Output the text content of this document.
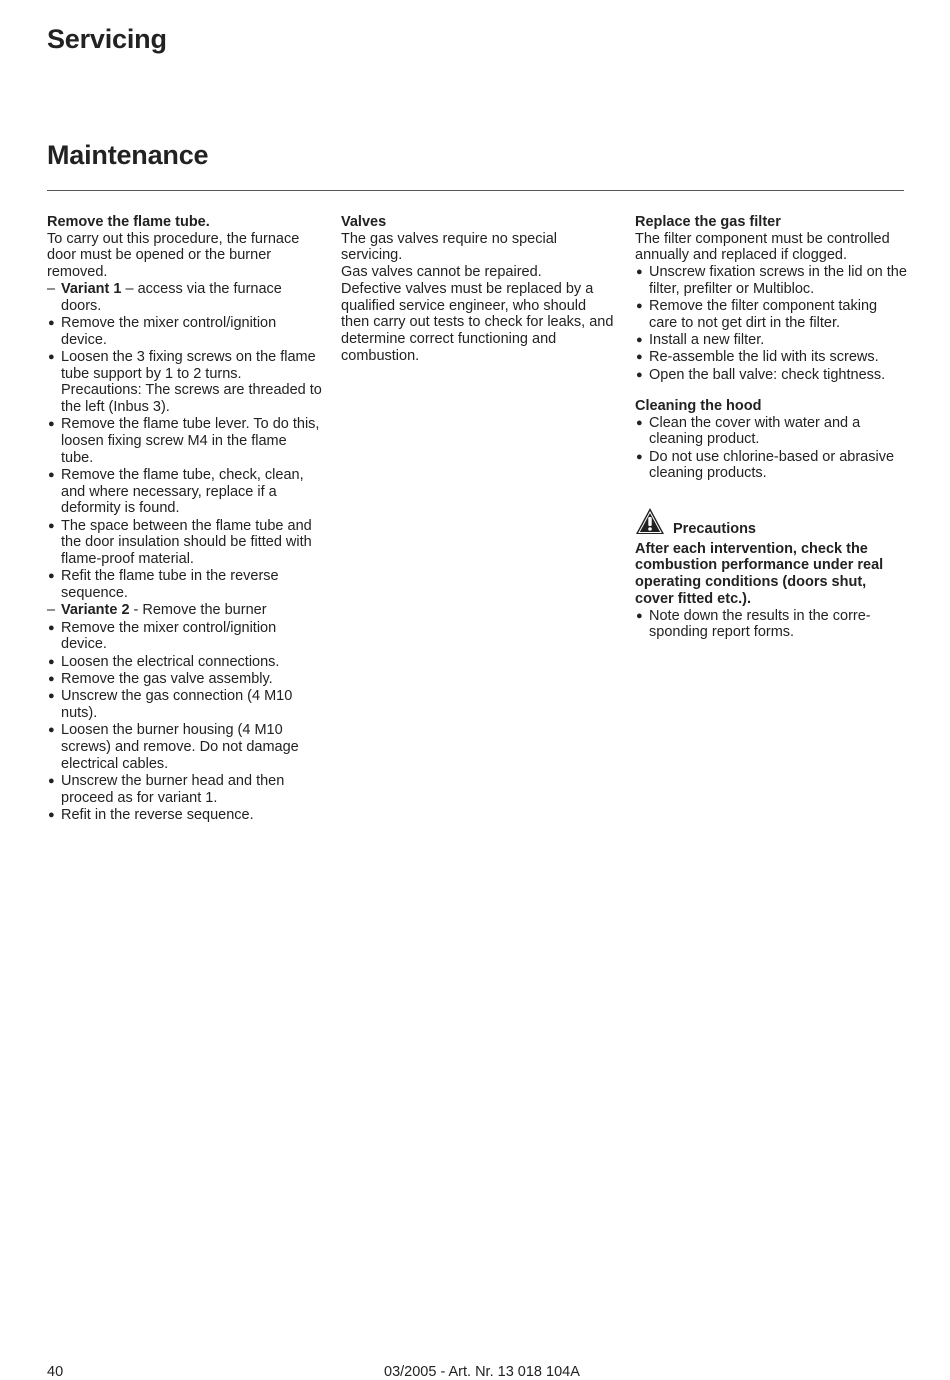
Servicing
Maintenance
Remove the flame tube.

To carry out this procedure, the furnace door must be opened or the burner removed.

– Variant 1 – access via the furnace doors.
● Remove the mixer control/ignition device.
● Loosen the 3 fixing screws on the flame tube support by 1 to 2 turns. Precautions: The screws are threaded to the left (Inbus 3).
● Remove the flame tube lever. To do this, loosen fixing screw M4 in the flame tube.
● Remove the flame tube, check, clean, and where necessary, replace if a deformity is found.
● The space between the flame tube and the door insulation should be fitted with flame-proof material.
● Refit the flame tube in the reverse sequence.
– Variante 2 - Remove the burner
● Remove the mixer control/ignition device.
● Loosen the electrical connections.
● Remove the gas valve assembly.
● Unscrew the gas connection (4 M10 nuts).
● Loosen the burner housing (4 M10 screws) and remove. Do not damage electrical cables.
● Unscrew the burner head and then proceed as for variant 1.
● Refit in the reverse sequence.
Valves

The gas valves require no special servicing.

Gas valves cannot be repaired.

Defective valves must be replaced by a qualified service engineer, who should then carry out tests to check for leaks, and determine correct functioning and combustion.

Replace the gas filter

The filter component must be controlled annually and replaced if clogged.

● Unscrew fixation screws in the lid on the filter, prefilter or Multibloc.
● Remove the filter component taking care to not get dirt in the filter.
● Install a new filter.
● Re-assemble the lid with its screws.
● Open the ball valve: check tightness.
Cleaning the hood
● Clean the cover with water and a cleaning product.
● Do not use chlorine-based or abrasive cleaning products.
Precautions

After each intervention, check the combustion performance under real operating conditions (doors shut, cover fitted etc.).

● Note down the results in the corre-sponding report forms.
40	03/2005 - Art. Nr. 13 018 104A
